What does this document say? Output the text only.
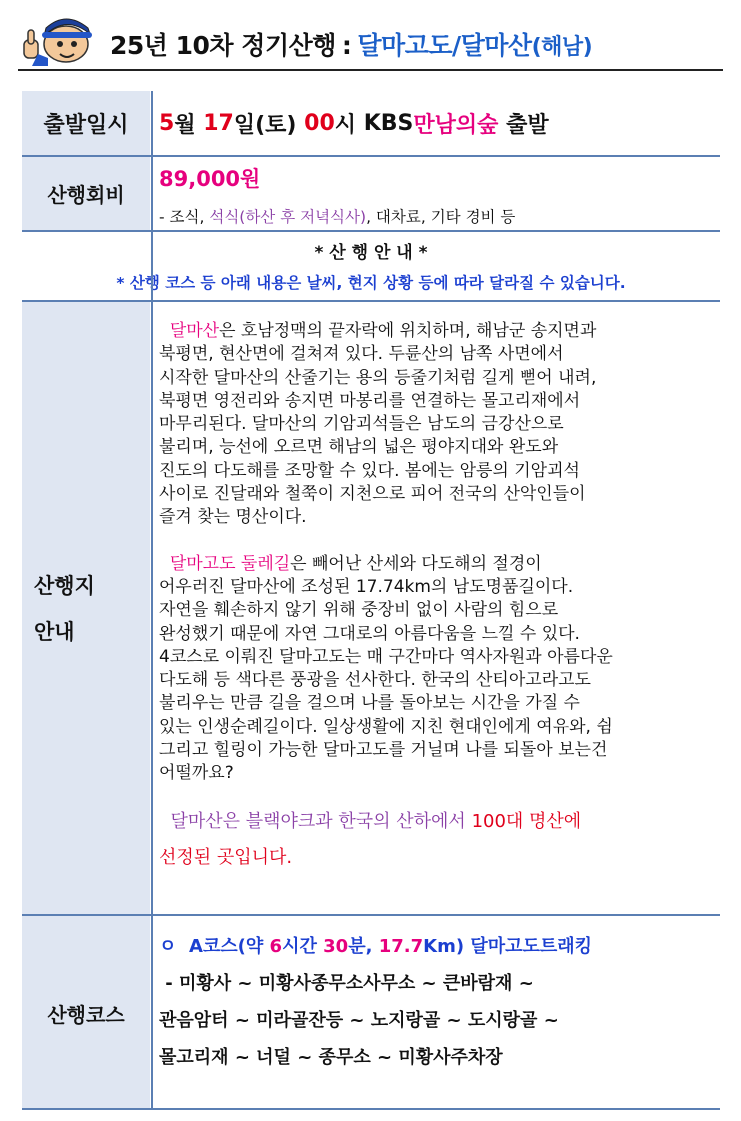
25년 10차 정기산행 : 달마고도/달마산(해남)
출발일시	5 월
17 일(토)
00 시
KBS 만남의숲
출발
산행회비
89,000원
- 조식, 석식(하산 후 저녁식사), 대차료, 기타 경비 등
* 산 행 안 내 *
* 산행 코스 등 아래 내용은 날씨, 현지 상황 등에 따라 달라질 수 있습니다.
산행지
안내
달마산은 호남정맥의 끝자락에 위치하며, 해남군 송지면과
북평면, 현산면에 걸쳐져 있다. 두륜산의 남쪽 사면에서
시작한 달마산의 산줄기는 용의 등줄기처럼 길게 뻗어 내려,
북평면 영전리와 송지면 마봉리를 연결하는 몰고리재에서
마무리된다. 달마산의 기암괴석들은 남도의 금강산으로
불리며, 능선에 오르면 해남의 넓은 평야지대와 완도와
진도의 다도해를 조망할 수 있다. 봄에는 암릉의 기암괴석
사이로 진달래와 철쭉이 지천으로 피어 전국의 산악인들이
즐겨 찾는 명산이다.
달마고도 둘레길은 빼어난 산세와 다도해의 절경이
어우러진 달마산에 조성된 17.74km의 남도명품길이다.
자연을 훼손하지 않기 위해 중장비 없이 사람의 힘으로
완성했기 때문에 자연 그대로의 아름다움을 느낄 수 있다.
4코스로 이뤄진 달마고도는 매 구간마다 역사자원과 아름다운
다도해 등 색다른 풍광을 선사한다. 한국의 산티아고라고도
불리우는 만큼 길을 걸으며 나를 돌아보는 시간을 가질 수
있는 인생순례길이다. 일상생활에 지친 현대인에게 여유와, 쉼
그리고 힐링이 가능한 달마고도를 거닐며 나를 되돌아 보는건
어떨까요?
달마산은 블랙야크과 한국의 산하에서 100대 명산에
선정된 곳입니다.
산행코스
ㅇ A코스(약 6시간 30분, 17.7Km) 달마고도트래킹
- 미황사 ~ 미황사종무소사무소 ~ 큰바람재 ~
관음암터 ~ 미라골잔등 ~ 노지랑골 ~ 도시랑골 ~
몰고리재 ~ 너덜 ~ 종무소 ~ 미황사주차장
